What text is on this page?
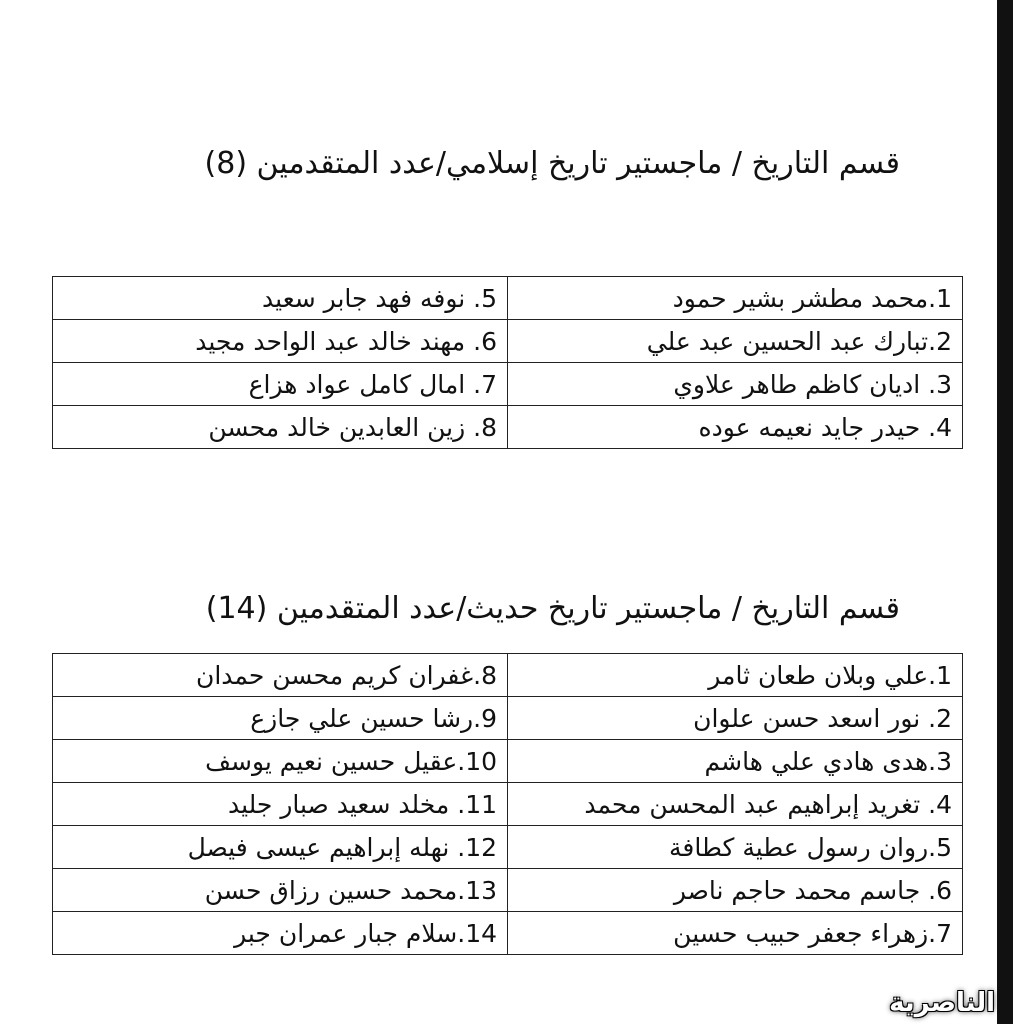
قسم التاريخ / ماجستير تاريخ إسلامي/عدد المتقدمين (8)
1.محمد مطشر بشير حمود	5. نوفه فهد جابر سعيد
2.تبارك عبد الحسين عبد علي	6. مهند خالد عبد الواحد مجيد
3. اديان كاظم طاهر علاوي	7. امال كامل عواد هزاع
4. حيدر جايد نعيمه عوده	8. زين العابدين خالد محسن
قسم التاريخ / ماجستير تاريخ حديث/عدد المتقدمين (14)
1.علي وبلان طعان ثامر	8.غفران كريم محسن حمدان
2. نور اسعد حسن علوان	9.رشا حسين علي جازع
3.هدى هادي علي هاشم	10.عقيل حسين نعيم يوسف
4. تغريد إبراهيم عبد المحسن محمد	11. مخلد سعيد صبار جليد
5.روان رسول عطية كطافة	12. نهله إبراهيم عيسى فيصل
6. جاسم محمد حاجم ناصر	13.محمد حسين رزاق حسن
7.زهراء جعفر حبيب حسين	14.سلام جبار عمران جبر
الناصرية
